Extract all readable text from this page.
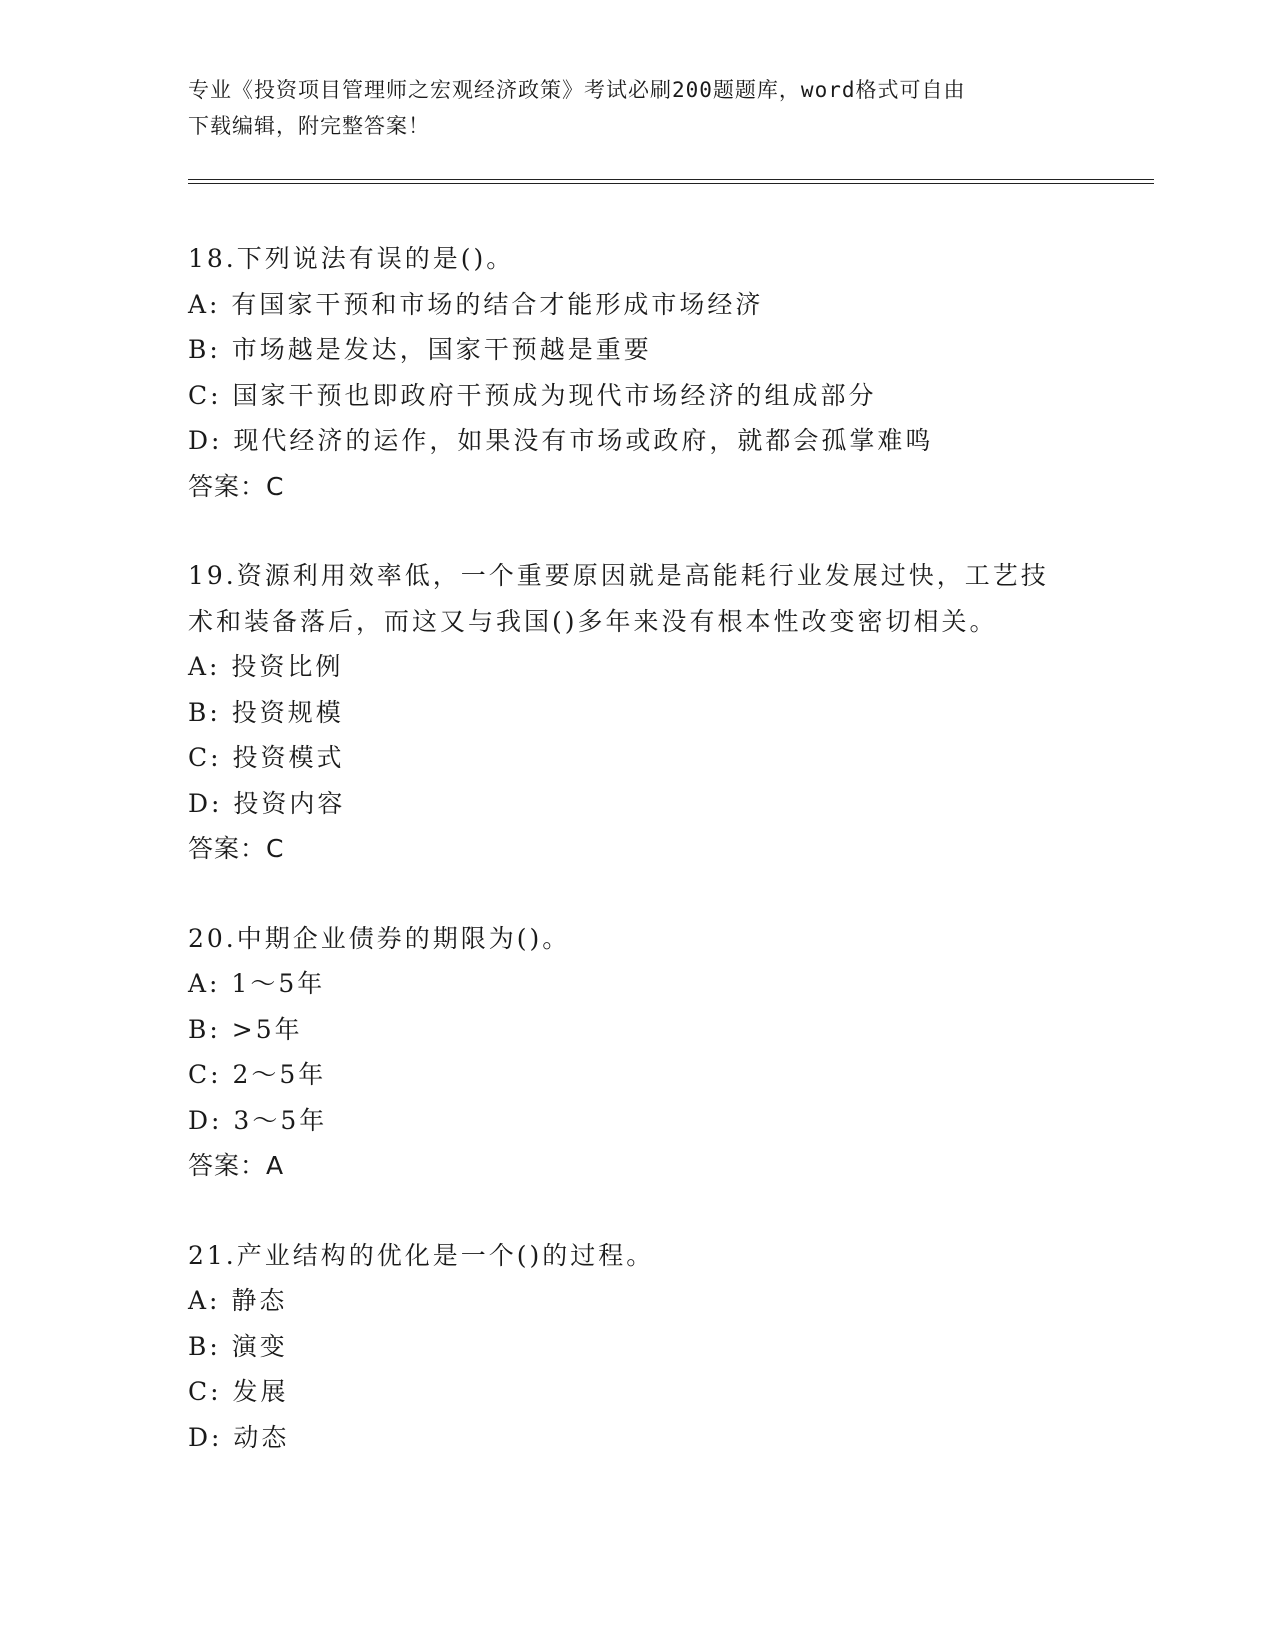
专业《投资项目管理师之宏观经济政策》考试必刷200题题库，word格式可自由
下载编辑，附完整答案！
18.下列说法有误的是()。
A: 有国家干预和市场的结合才能形成市场经济
B: 市场越是发达，国家干预越是重要
C: 国家干预也即政府干预成为现代市场经济的组成部分
D: 现代经济的运作，如果没有市场或政府，就都会孤掌难鸣
答案：C
19.资源利用效率低，一个重要原因就是高能耗行业发展过快，工艺技术和装备落后，而这又与我国()多年来没有根本性改变密切相关。
A: 投资比例
B: 投资规模
C: 投资模式
D: 投资内容
答案：C
20.中期企业债券的期限为()。
A: 1～5年
B: >5年
C: 2～5年
D: 3～5年
答案：A
21.产业结构的优化是一个()的过程。
A: 静态
B: 演变
C: 发展
D: 动态
